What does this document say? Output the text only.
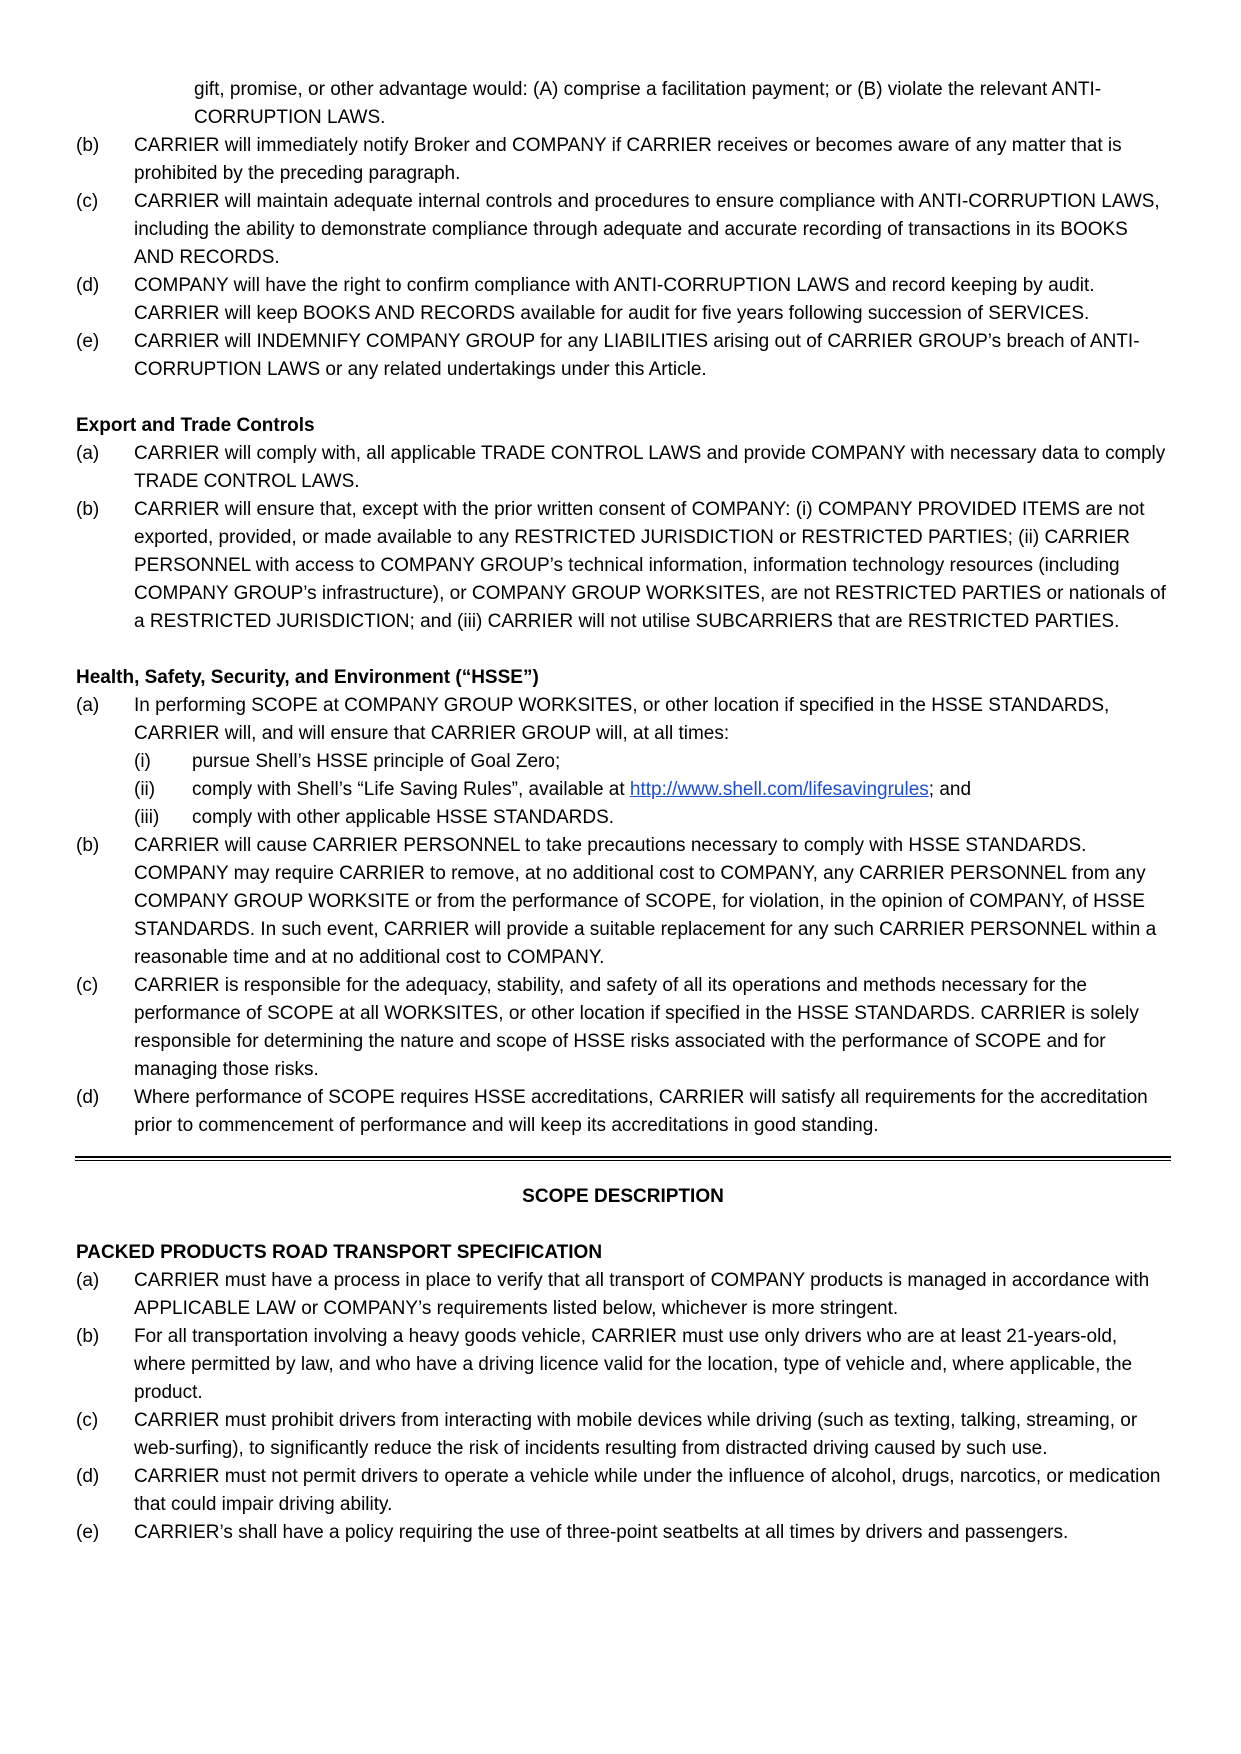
gift, promise, or other advantage would: (A) comprise a facilitation payment; or (B) violate the relevant ANTI-CORRUPTION LAWS.
(b)	CARRIER will immediately notify Broker and COMPANY if CARRIER receives or becomes aware of any matter that is prohibited by the preceding paragraph.
(c)	CARRIER will maintain adequate internal controls and procedures to ensure compliance with ANTI-CORRUPTION LAWS, including the ability to demonstrate compliance through adequate and accurate recording of transactions in its BOOKS AND RECORDS.
(d)	COMPANY will have the right to confirm compliance with ANTI-CORRUPTION LAWS and record keeping by audit. CARRIER will keep BOOKS AND RECORDS available for audit for five years following succession of SERVICES.
(e)	CARRIER will INDEMNIFY COMPANY GROUP for any LIABILITIES arising out of CARRIER GROUP’s breach of ANTI-CORRUPTION LAWS or any related undertakings under this Article.
Export and Trade Controls
(a)	CARRIER will comply with, all applicable TRADE CONTROL LAWS and provide COMPANY with necessary data to comply TRADE CONTROL LAWS.
(b)	CARRIER will ensure that, except with the prior written consent of COMPANY: (i) COMPANY PROVIDED ITEMS are not exported, provided, or made available to any RESTRICTED JURISDICTION or RESTRICTED PARTIES; (ii) CARRIER PERSONNEL with access to COMPANY GROUP’s technical information, information technology resources (including COMPANY GROUP’s infrastructure), or COMPANY GROUP WORKSITES, are not RESTRICTED PARTIES or nationals of a RESTRICTED JURISDICTION; and (iii) CARRIER will not utilise SUBCARRIERS that are RESTRICTED PARTIES.
Health, Safety, Security, and Environment (“HSSE”)
(a)	In performing SCOPE at COMPANY GROUP WORKSITES, or other location if specified in the HSSE STANDARDS, CARRIER will, and will ensure that CARRIER GROUP will, at all times:
(i)	pursue Shell’s HSSE principle of Goal Zero;
(ii)	comply with Shell’s “Life Saving Rules”, available at http://www.shell.com/lifesavingrules; and
(iii)	comply with other applicable HSSE STANDARDS.
(b)	CARRIER will cause CARRIER PERSONNEL to take precautions necessary to comply with HSSE STANDARDS. COMPANY may require CARRIER to remove, at no additional cost to COMPANY, any CARRIER PERSONNEL from any COMPANY GROUP WORKSITE or from the performance of SCOPE, for violation, in the opinion of COMPANY, of HSSE STANDARDS. In such event, CARRIER will provide a suitable replacement for any such CARRIER PERSONNEL within a reasonable time and at no additional cost to COMPANY.
(c)	CARRIER is responsible for the adequacy, stability, and safety of all its operations and methods necessary for the performance of SCOPE at all WORKSITES, or other location if specified in the HSSE STANDARDS. CARRIER is solely responsible for determining the nature and scope of HSSE risks associated with the performance of SCOPE and for managing those risks.
(d)	Where performance of SCOPE requires HSSE accreditations, CARRIER will satisfy all requirements for the accreditation prior to commencement of performance and will keep its accreditations in good standing.
SCOPE DESCRIPTION
PACKED PRODUCTS ROAD TRANSPORT SPECIFICATION
(a)	CARRIER must have a process in place to verify that all transport of COMPANY products is managed in accordance with APPLICABLE LAW or COMPANY’s requirements listed below, whichever is more stringent.
(b)	For all transportation involving a heavy goods vehicle, CARRIER must use only drivers who are at least 21-years-old, where permitted by law, and who have a driving licence valid for the location, type of vehicle and, where applicable, the product.
(c)	CARRIER must prohibit drivers from interacting with mobile devices while driving (such as texting, talking, streaming, or web-surfing), to significantly reduce the risk of incidents resulting from distracted driving caused by such use.
(d)	CARRIER must not permit drivers to operate a vehicle while under the influence of alcohol, drugs, narcotics, or medication that could impair driving ability.
(e)	CARRIER’s shall have a policy requiring the use of three-point seatbelts at all times by drivers and passengers.
